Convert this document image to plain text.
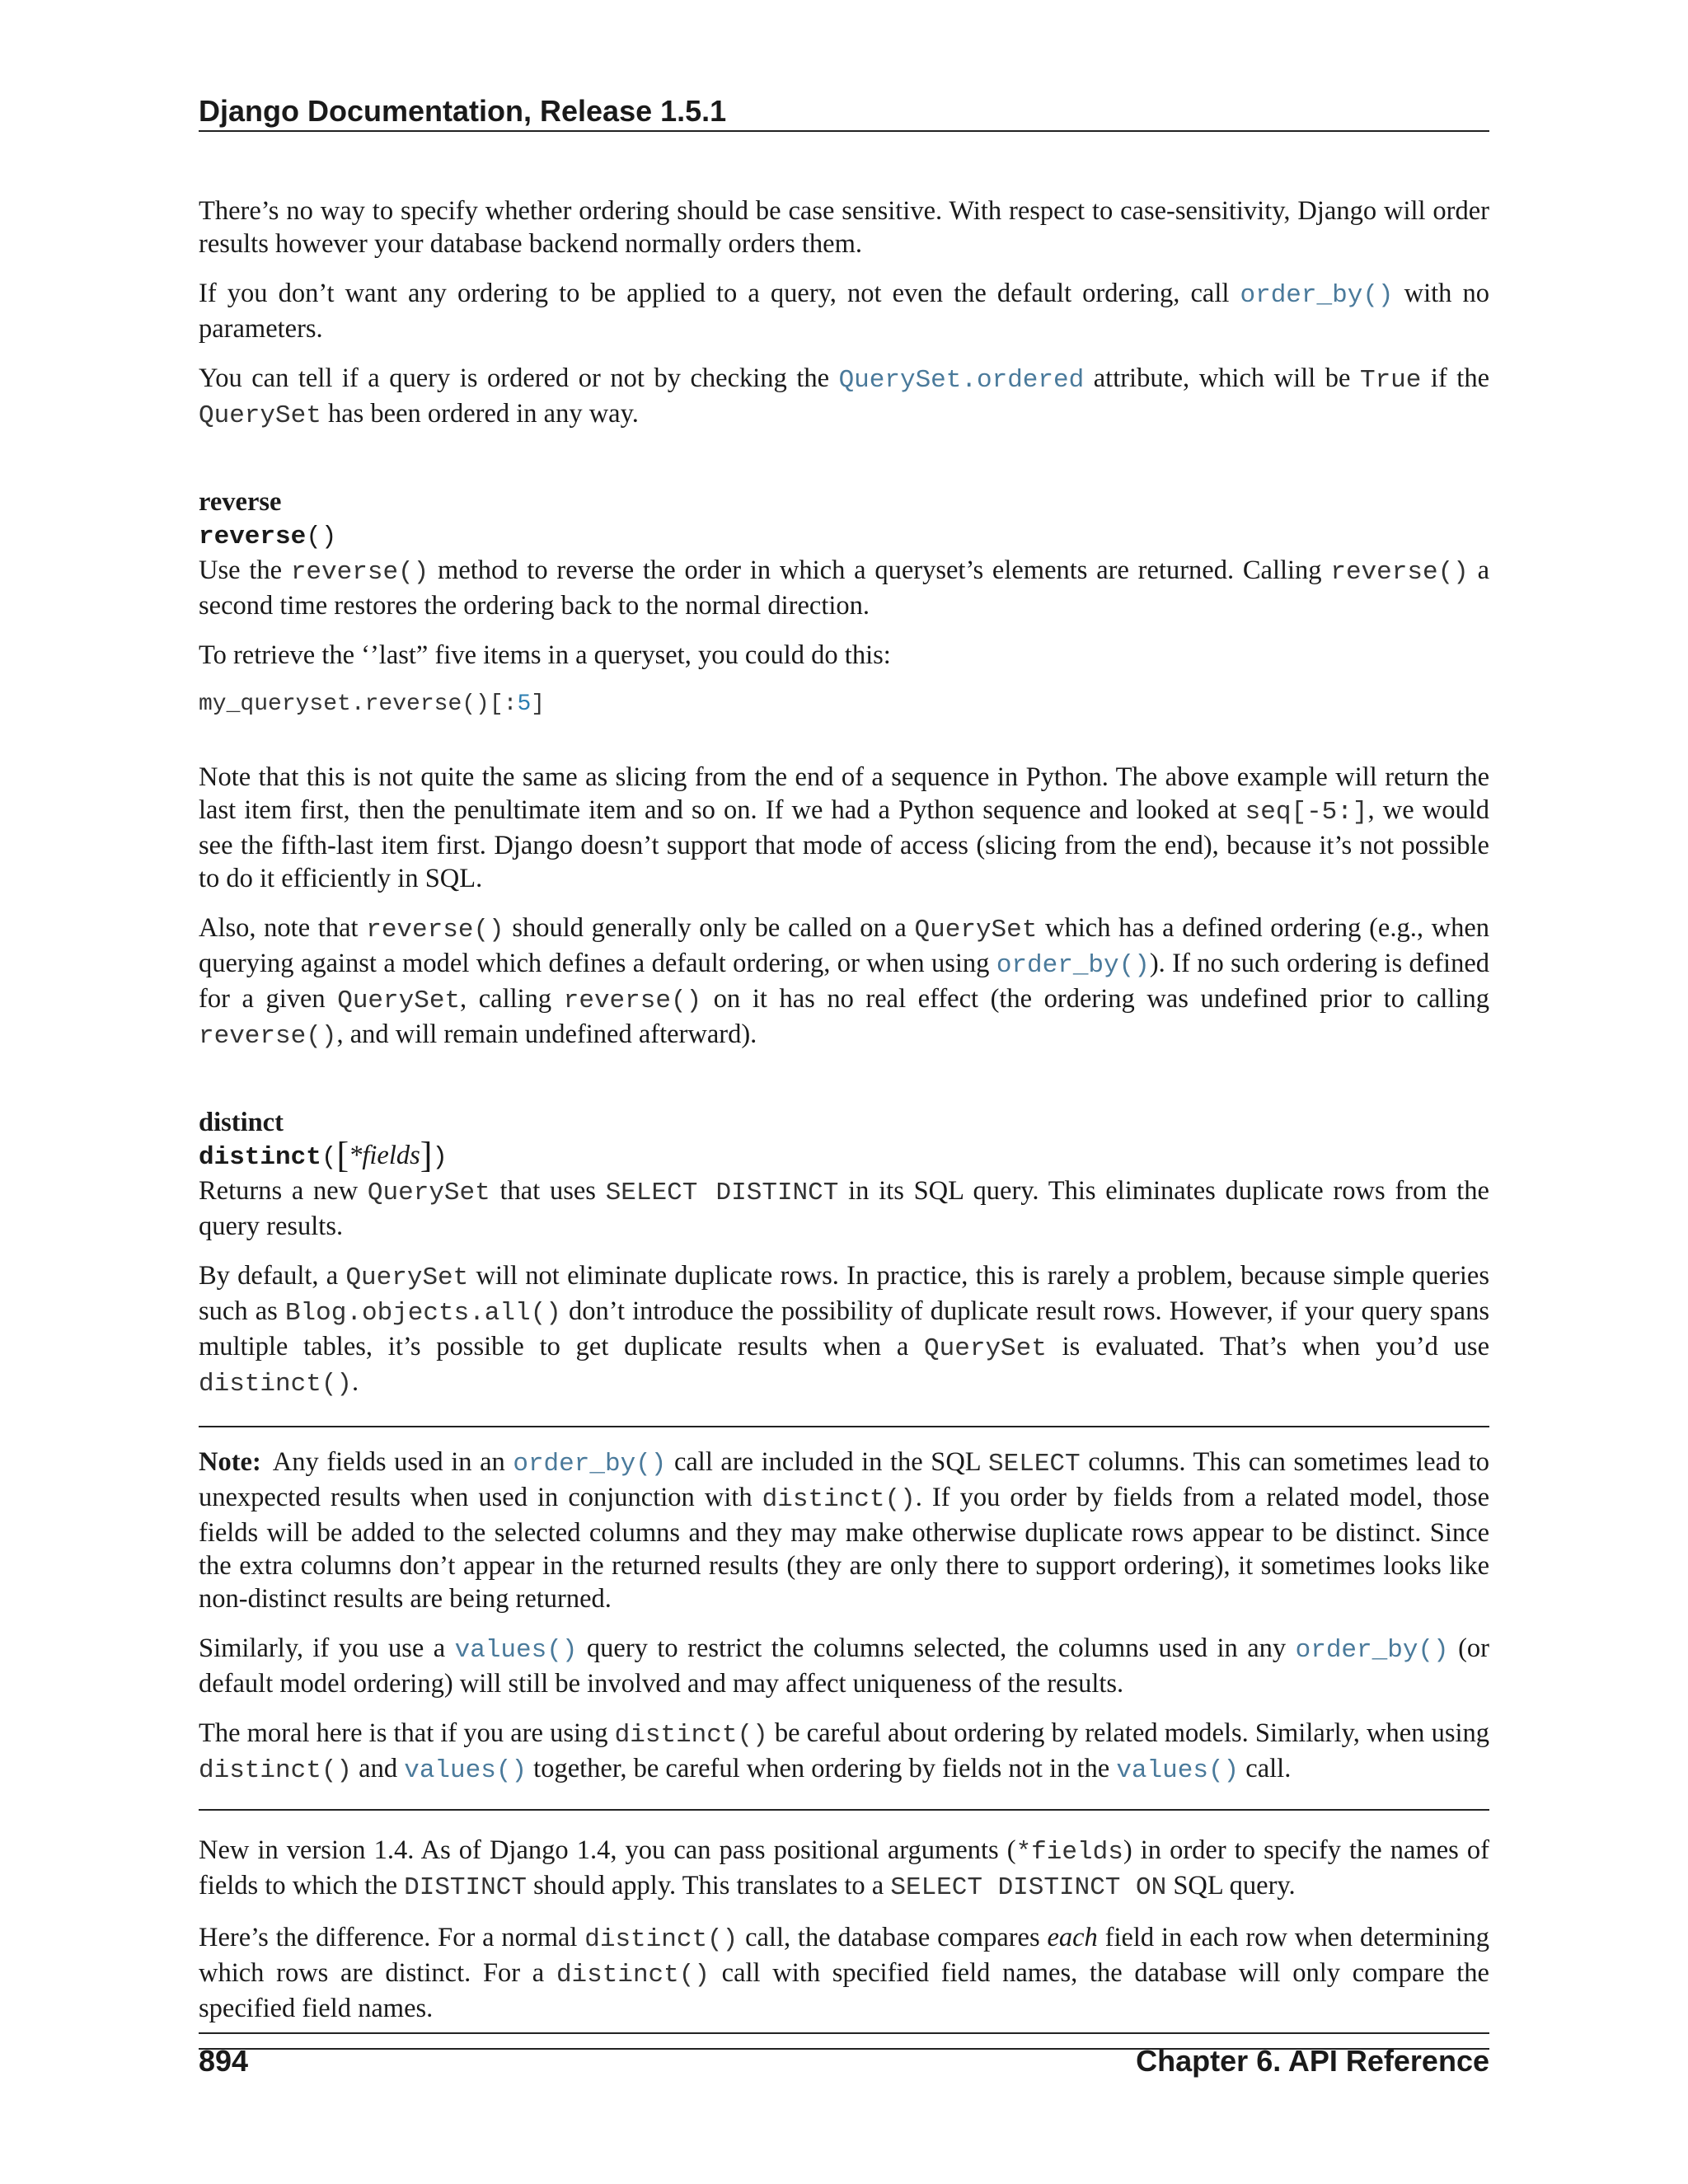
Django Documentation, Release 1.5.1

There’s no way to specify whether ordering should be case sensitive. With respect to case-sensitivity, Django will order results however your database backend normally orders them.

If you don’t want any ordering to be applied to a query, not even the default ordering, call order_by() with no parameters.

You can tell if a query is ordered or not by checking the QuerySet.ordered attribute, which will be True if the QuerySet has been ordered in any way.

reverse

reverse()

Use the reverse() method to reverse the order in which a queryset’s elements are returned. Calling reverse() a second time restores the ordering back to the normal direction.

To retrieve the ‘’last” five items in a queryset, you could do this:

my_queryset.reverse()[:5]

Note that this is not quite the same as slicing from the end of a sequence in Python. The above example will return the last item first, then the penultimate item and so on. If we had a Python sequence and looked at seq[-5:], we would see the fifth-last item first. Django doesn’t support that mode of access (slicing from the end), because it’s not possible to do it efficiently in SQL.

Also, note that reverse() should generally only be called on a QuerySet which has a defined ordering (e.g., when querying against a model which defines a default ordering, or when using order_by()). If no such ordering is defined for a given QuerySet, calling reverse() on it has no real effect (the ordering was undefined prior to calling reverse(), and will remain undefined afterward).

distinct

distinct([*fields])

Returns a new QuerySet that uses SELECT DISTINCT in its SQL query. This eliminates duplicate rows from the query results.

By default, a QuerySet will not eliminate duplicate rows. In practice, this is rarely a problem, because simple queries such as Blog.objects.all() don’t introduce the possibility of duplicate result rows. However, if your query spans multiple tables, it’s possible to get duplicate results when a QuerySet is evaluated. That’s when you’d use distinct().

Note: Any fields used in an order_by() call are included in the SQL SELECT columns. This can sometimes lead to unexpected results when used in conjunction with distinct(). If you order by fields from a related model, those fields will be added to the selected columns and they may make otherwise duplicate rows appear to be distinct. Since the extra columns don’t appear in the returned results (they are only there to support ordering), it sometimes looks like non-distinct results are being returned.

Similarly, if you use a values() query to restrict the columns selected, the columns used in any order_by() (or default model ordering) will still be involved and may affect uniqueness of the results.

The moral here is that if you are using distinct() be careful about ordering by related models. Similarly, when using distinct() and values() together, be careful when ordering by fields not in the values() call.

New in version 1.4. As of Django 1.4, you can pass positional arguments (*fields) in order to specify the names of fields to which the DISTINCT should apply. This translates to a SELECT DISTINCT ON SQL query.

Here’s the difference. For a normal distinct() call, the database compares each field in each row when determining which rows are distinct. For a distinct() call with specified field names, the database will only compare the specified field names.

894	Chapter 6. API Reference
